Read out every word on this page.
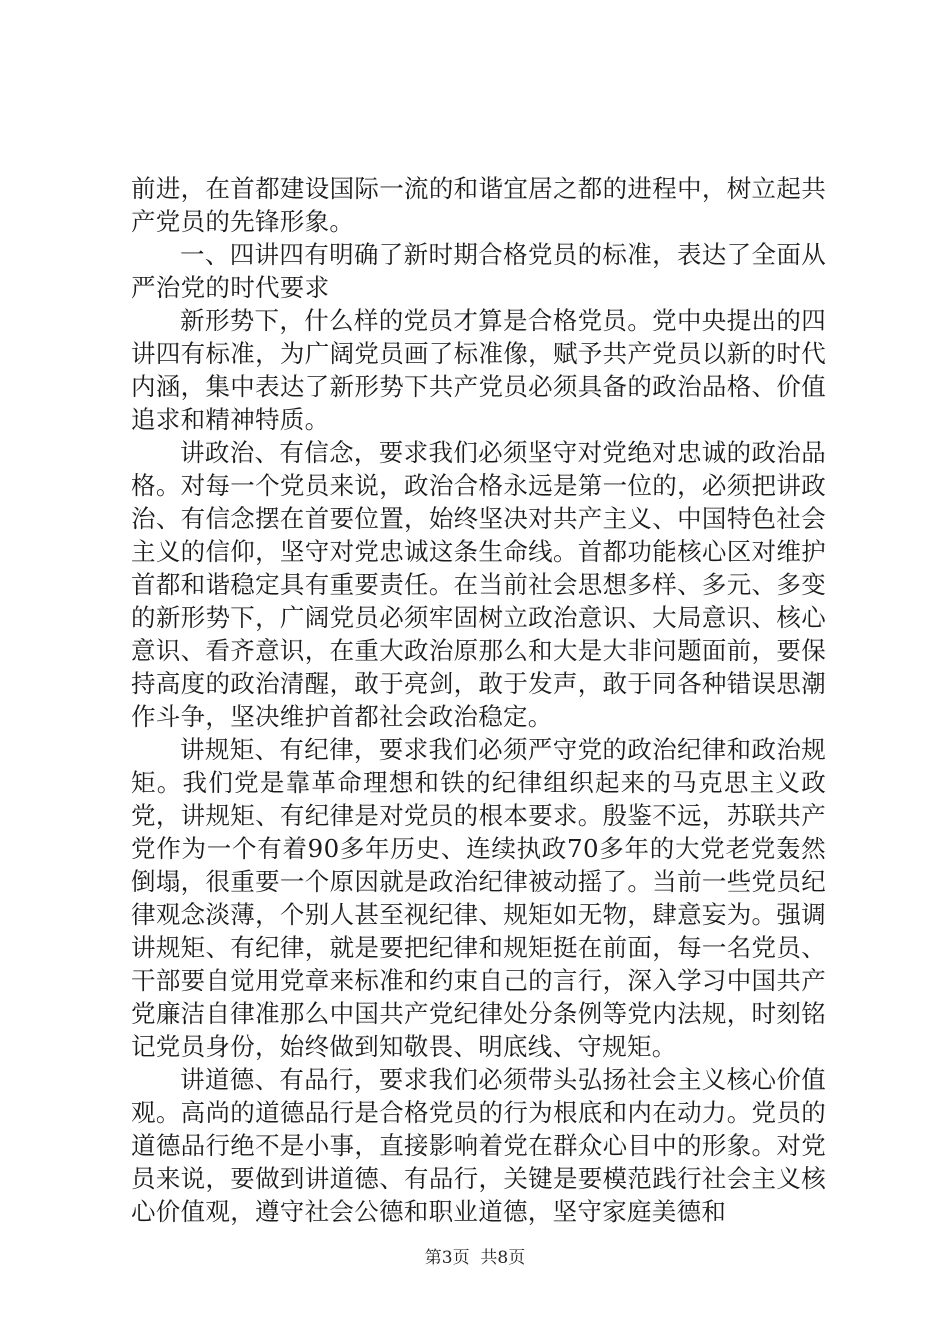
前进，在首都建设国际一流的和谐宜居之都的进程中，树立起共产党员的先锋形象。

一、四讲四有明确了新时期合格党员的标准，表达了全面从严治党的时代要求

新形势下，什么样的党员才算是合格党员。党中央提出的四讲四有标准，为广阔党员画了标准像，赋予共产党员以新的时代内涵，集中表达了新形势下共产党员必须具备的政治品格、价值追求和精神特质。

讲政治、有信念，要求我们必须坚守对党绝对忠诚的政治品格。对每一个党员来说，政治合格永远是第一位的，必须把讲政治、有信念摆在首要位置，始终坚决对共产主义、中国特色社会主义的信仰，坚守对党忠诚这条生命线。首都功能核心区对维护首都和谐稳定具有重要责任。在当前社会思想多样、多元、多变的新形势下，广阔党员必须牢固树立政治意识、大局意识、核心意识、看齐意识，在重大政治原那么和大是大非问题面前，要保持高度的政治清醒，敢于亮剑，敢于发声，敢于同各种错误思潮作斗争，坚决维护首都社会政治稳定。

讲规矩、有纪律，要求我们必须严守党的政治纪律和政治规矩。我们党是靠革命理想和铁的纪律组织起来的马克思主义政党，讲规矩、有纪律是对党员的根本要求。殷鉴不远，苏联共产党作为一个有着90多年历史、连续执政70多年的大党老党轰然倒塌，很重要一个原因就是政治纪律被动摇了。当前一些党员纪律观念淡薄，个别人甚至视纪律、规矩如无物，肆意妄为。强调讲规矩、有纪律，就是要把纪律和规矩挺在前面，每一名党员、干部要自觉用党章来标准和约束自己的言行，深入学习中国共产党廉洁自律准那么中国共产党纪律处分条例等党内法规，时刻铭记党员身份，始终做到知敬畏、明底线、守规矩。

讲道德、有品行，要求我们必须带头弘扬社会主义核心价值观。高尚的道德品行是合格党员的行为根底和内在动力。党员的道德品行绝不是小事，直接影响着党在群众心目中的形象。对党员来说，要做到讲道德、有品行，关键是要模范践行社会主义核心价值观，遵守社会公德和职业道德，坚守家庭美德和

第3页 共8页
